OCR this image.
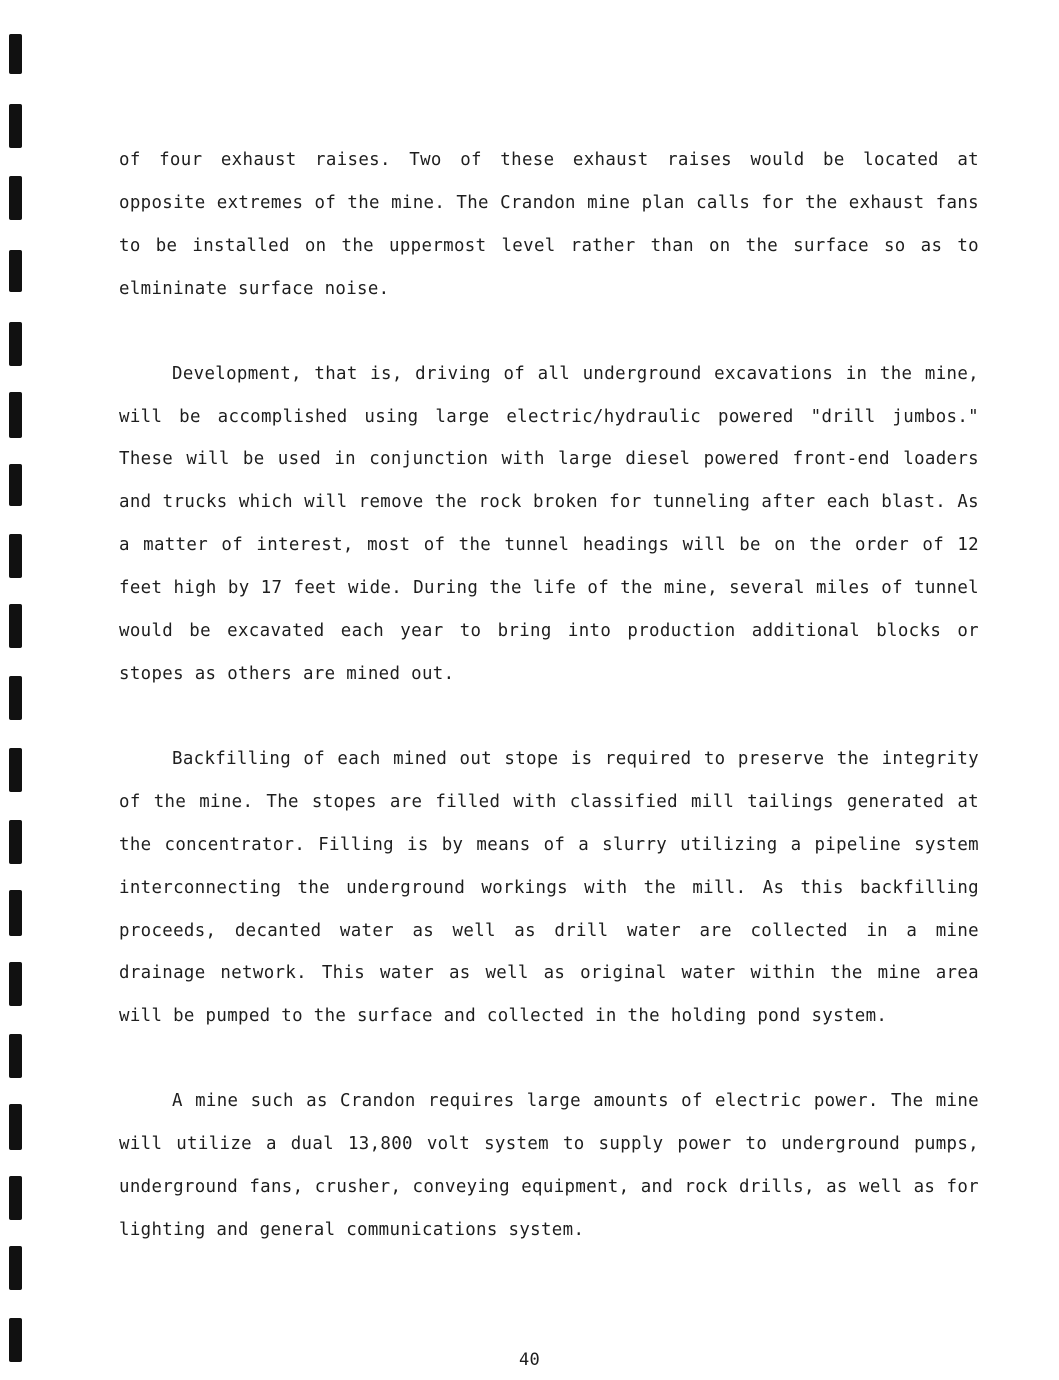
of four exhaust raises. Two of these exhaust raises would be located at opposite extremes of the mine. The Crandon mine plan calls for the exhaust fans to be installed on the uppermost level rather than on the surface so as to elmininate surface noise.

Development, that is, driving of all underground excavations in the mine, will be accomplished using large electric/hydraulic powered "drill jumbos." These will be used in conjunction with large diesel powered front-end loaders and trucks which will remove the rock broken for tunneling after each blast. As a matter of interest, most of the tunnel headings will be on the order of 12 feet high by 17 feet wide. During the life of the mine, several miles of tunnel would be excavated each year to bring into production additional blocks or stopes as others are mined out.

Backfilling of each mined out stope is required to preserve the integrity of the mine. The stopes are filled with classified mill tailings generated at the concentrator. Filling is by means of a slurry utilizing a pipeline system interconnecting the underground workings with the mill. As this backfilling proceeds, decanted water as well as drill water are collected in a mine drainage network. This water as well as original water within the mine area will be pumped to the surface and collected in the holding pond system.

A mine such as Crandon requires large amounts of electric power. The mine will utilize a dual 13,800 volt system to supply power to underground pumps, underground fans, crusher, conveying equipment, and rock drills, as well as for lighting and general communications system.

40
